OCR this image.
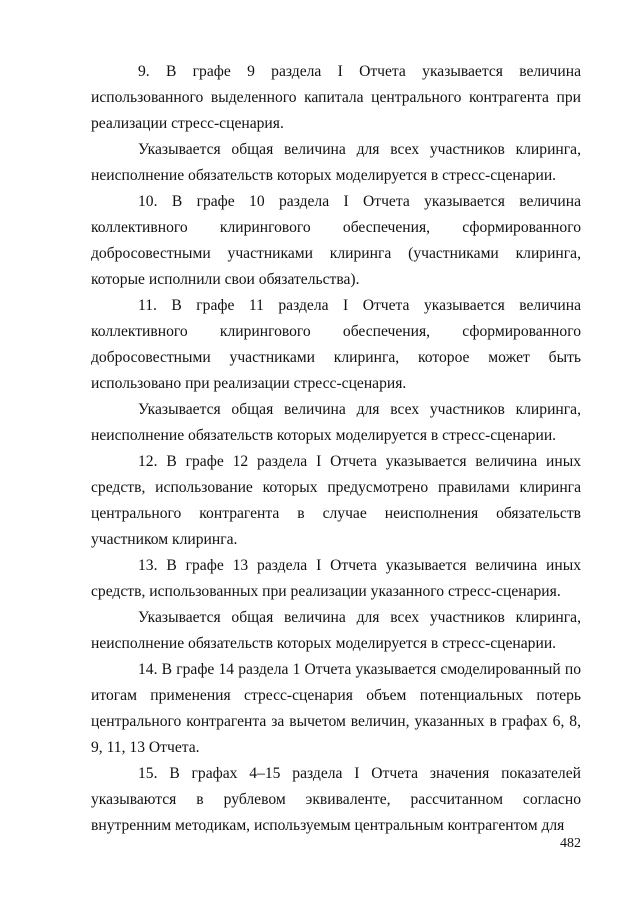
9. В графе 9 раздела I Отчета указывается величина использованного выделенного капитала центрального контрагента при реализации стресс-сценария.

Указывается общая величина для всех участников клиринга, неисполнение обязательств которых моделируется в стресс-сценарии.

10. В графе 10 раздела I Отчета указывается величина коллективного клирингового обеспечения, сформированного добросовестными участниками клиринга (участниками клиринга, которые исполнили свои обязательства).

11. В графе 11 раздела I Отчета указывается величина коллективного клирингового обеспечения, сформированного добросовестными участниками клиринга, которое может быть использовано при реализации стресс-сценария.

Указывается общая величина для всех участников клиринга, неисполнение обязательств которых моделируется в стресс-сценарии.

12. В графе 12 раздела I Отчета указывается величина иных средств, использование которых предусмотрено правилами клиринга центрального контрагента в случае неисполнения обязательств участником клиринга.

13. В графе 13 раздела I Отчета указывается величина иных средств, использованных при реализации указанного стресс-сценария.

Указывается общая величина для всех участников клиринга, неисполнение обязательств которых моделируется в стресс-сценарии.

14. В графе 14 раздела 1 Отчета указывается смоделированный по итогам применения стресс-сценария объем потенциальных потерь центрального контрагента за вычетом величин, указанных в графах 6, 8, 9, 11, 13 Отчета.

15. В графах 4–15 раздела I Отчета значения показателей указываются в рублевом эквиваленте, рассчитанном согласно внутренним методикам, используемым центральным контрагентом для

482
